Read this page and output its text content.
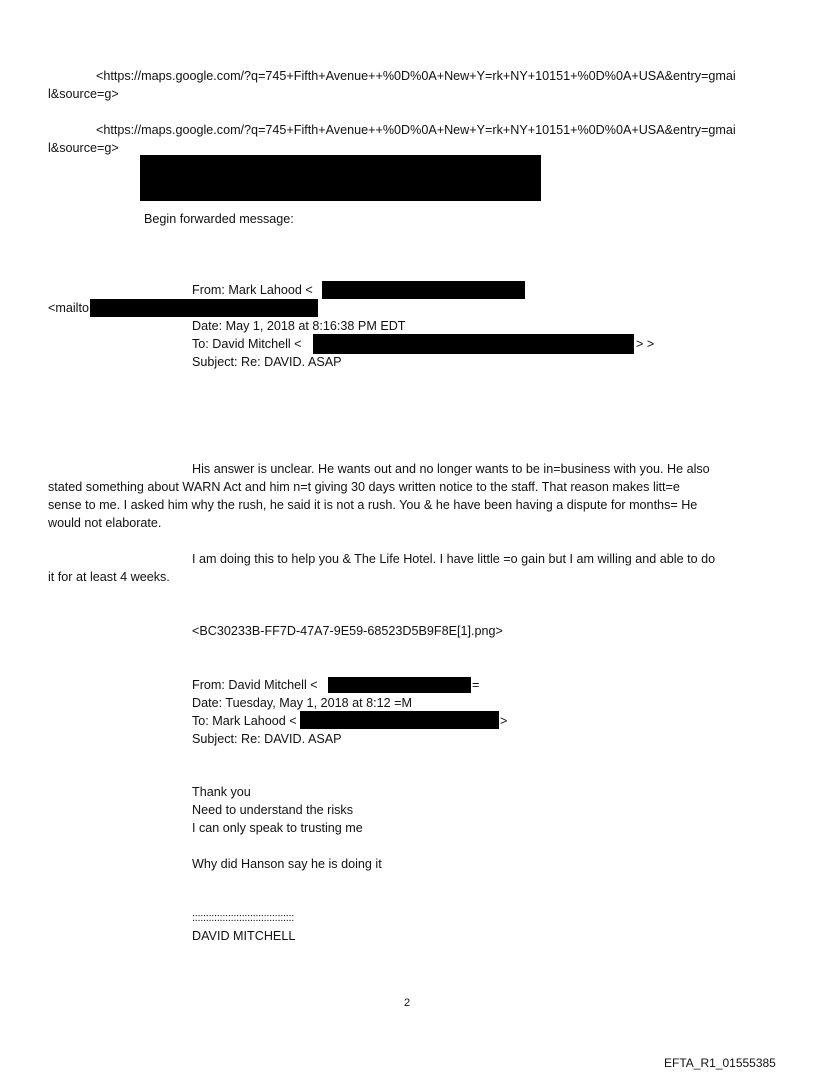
<https://maps.google.com/?q=745+Fifth+Avenue++%0D%0A+New+Y=rk+NY+10151+%0D%0A+USA&entry=gmai
l&source=g>
<https://maps.google.com/?q=745+Fifth+Avenue++%0D%0A+New+Y=rk+NY+10151+%0D%0A+USA&entry=gmai
l&source=g>
Begin forwarded message:
From: Mark Lahood <
<mailto
Date: May 1, 2018 at 8:16:38 PM EDT
To: David Mitchell <	> >
Subject: Re: DAVID. ASAP
His answer is unclear. He wants out and no longer wants to be in=business with you. He also
stated something about WARN Act and him n=t giving 30 days written notice to the staff. That reason makes litt=e
sense to me. I asked him why the rush, he said it is not a rush. You & he have been having a dispute for months= He
would not elaborate.
I am doing this to help you & The Life Hotel. I have little =o gain but I am willing and able to do
it for at least 4 weeks.
<BC30233B-FF7D-47A7-9E59-68523D5B9F8E[1].png>
From: David Mitchell <	=
Date: Tuesday, May 1, 2018 at 8:12 =M
To: Mark Lahood <	>
Subject: Re: DAVID. ASAP
Thank you
Need to understand the risks
I can only speak to trusting me
Why did Hanson say he is doing it
:::::::::::::::::::::::::::::::::::::
DAVID MITCHELL
2
EFTA_R1_01555385
